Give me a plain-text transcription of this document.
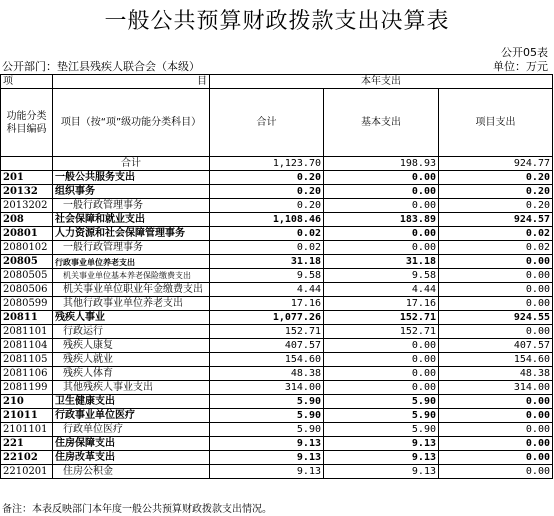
一般公共预算财政拨款支出决算表
公开05表
公开部门：垫江县残疾人联合会（本级）	单位：万元
项	目	本年支出		
功能分类科目编码	项目（按“项”级功能分类科目）	合计	基本支出	项目支出
	合计	1,123.70	198.93	924.77
201	一般公共服务支出	0.20	0.00	0.20
20132	组织事务	0.20	0.00	0.20
2013202	一般行政管理事务	0.20	0.00	0.20
208	社会保障和就业支出	1,108.46	183.89	924.57
20801	人力资源和社会保障管理事务	0.02	0.00	0.02
2080102	一般行政管理事务	0.02	0.00	0.02
20805	行政事业单位养老支出	31.18	31.18	0.00
2080505	机关事业单位基本养老保险缴费支出	9.58	9.58	0.00
2080506	机关事业单位职业年金缴费支出	4.44	4.44	0.00
2080599	其他行政事业单位养老支出	17.16	17.16	0.00
20811	残疾人事业	1,077.26	152.71	924.55
2081101	行政运行	152.71	152.71	0.00
2081104	残疾人康复	407.57	0.00	407.57
2081105	残疾人就业	154.60	0.00	154.60
2081106	残疾人体育	48.38	0.00	48.38
2081199	其他残疾人事业支出	314.00	0.00	314.00
210	卫生健康支出	5.90	5.90	0.00
21011	行政事业单位医疗	5.90	5.90	0.00
2101101	行政单位医疗	5.90	5.90	0.00
221	住房保障支出	9.13	9.13	0.00
22102	住房改革支出	9.13	9.13	0.00
2210201	住房公积金	9.13	9.13	0.00
备注：本表反映部门本年度一般公共预算财政拨款支出情况。
